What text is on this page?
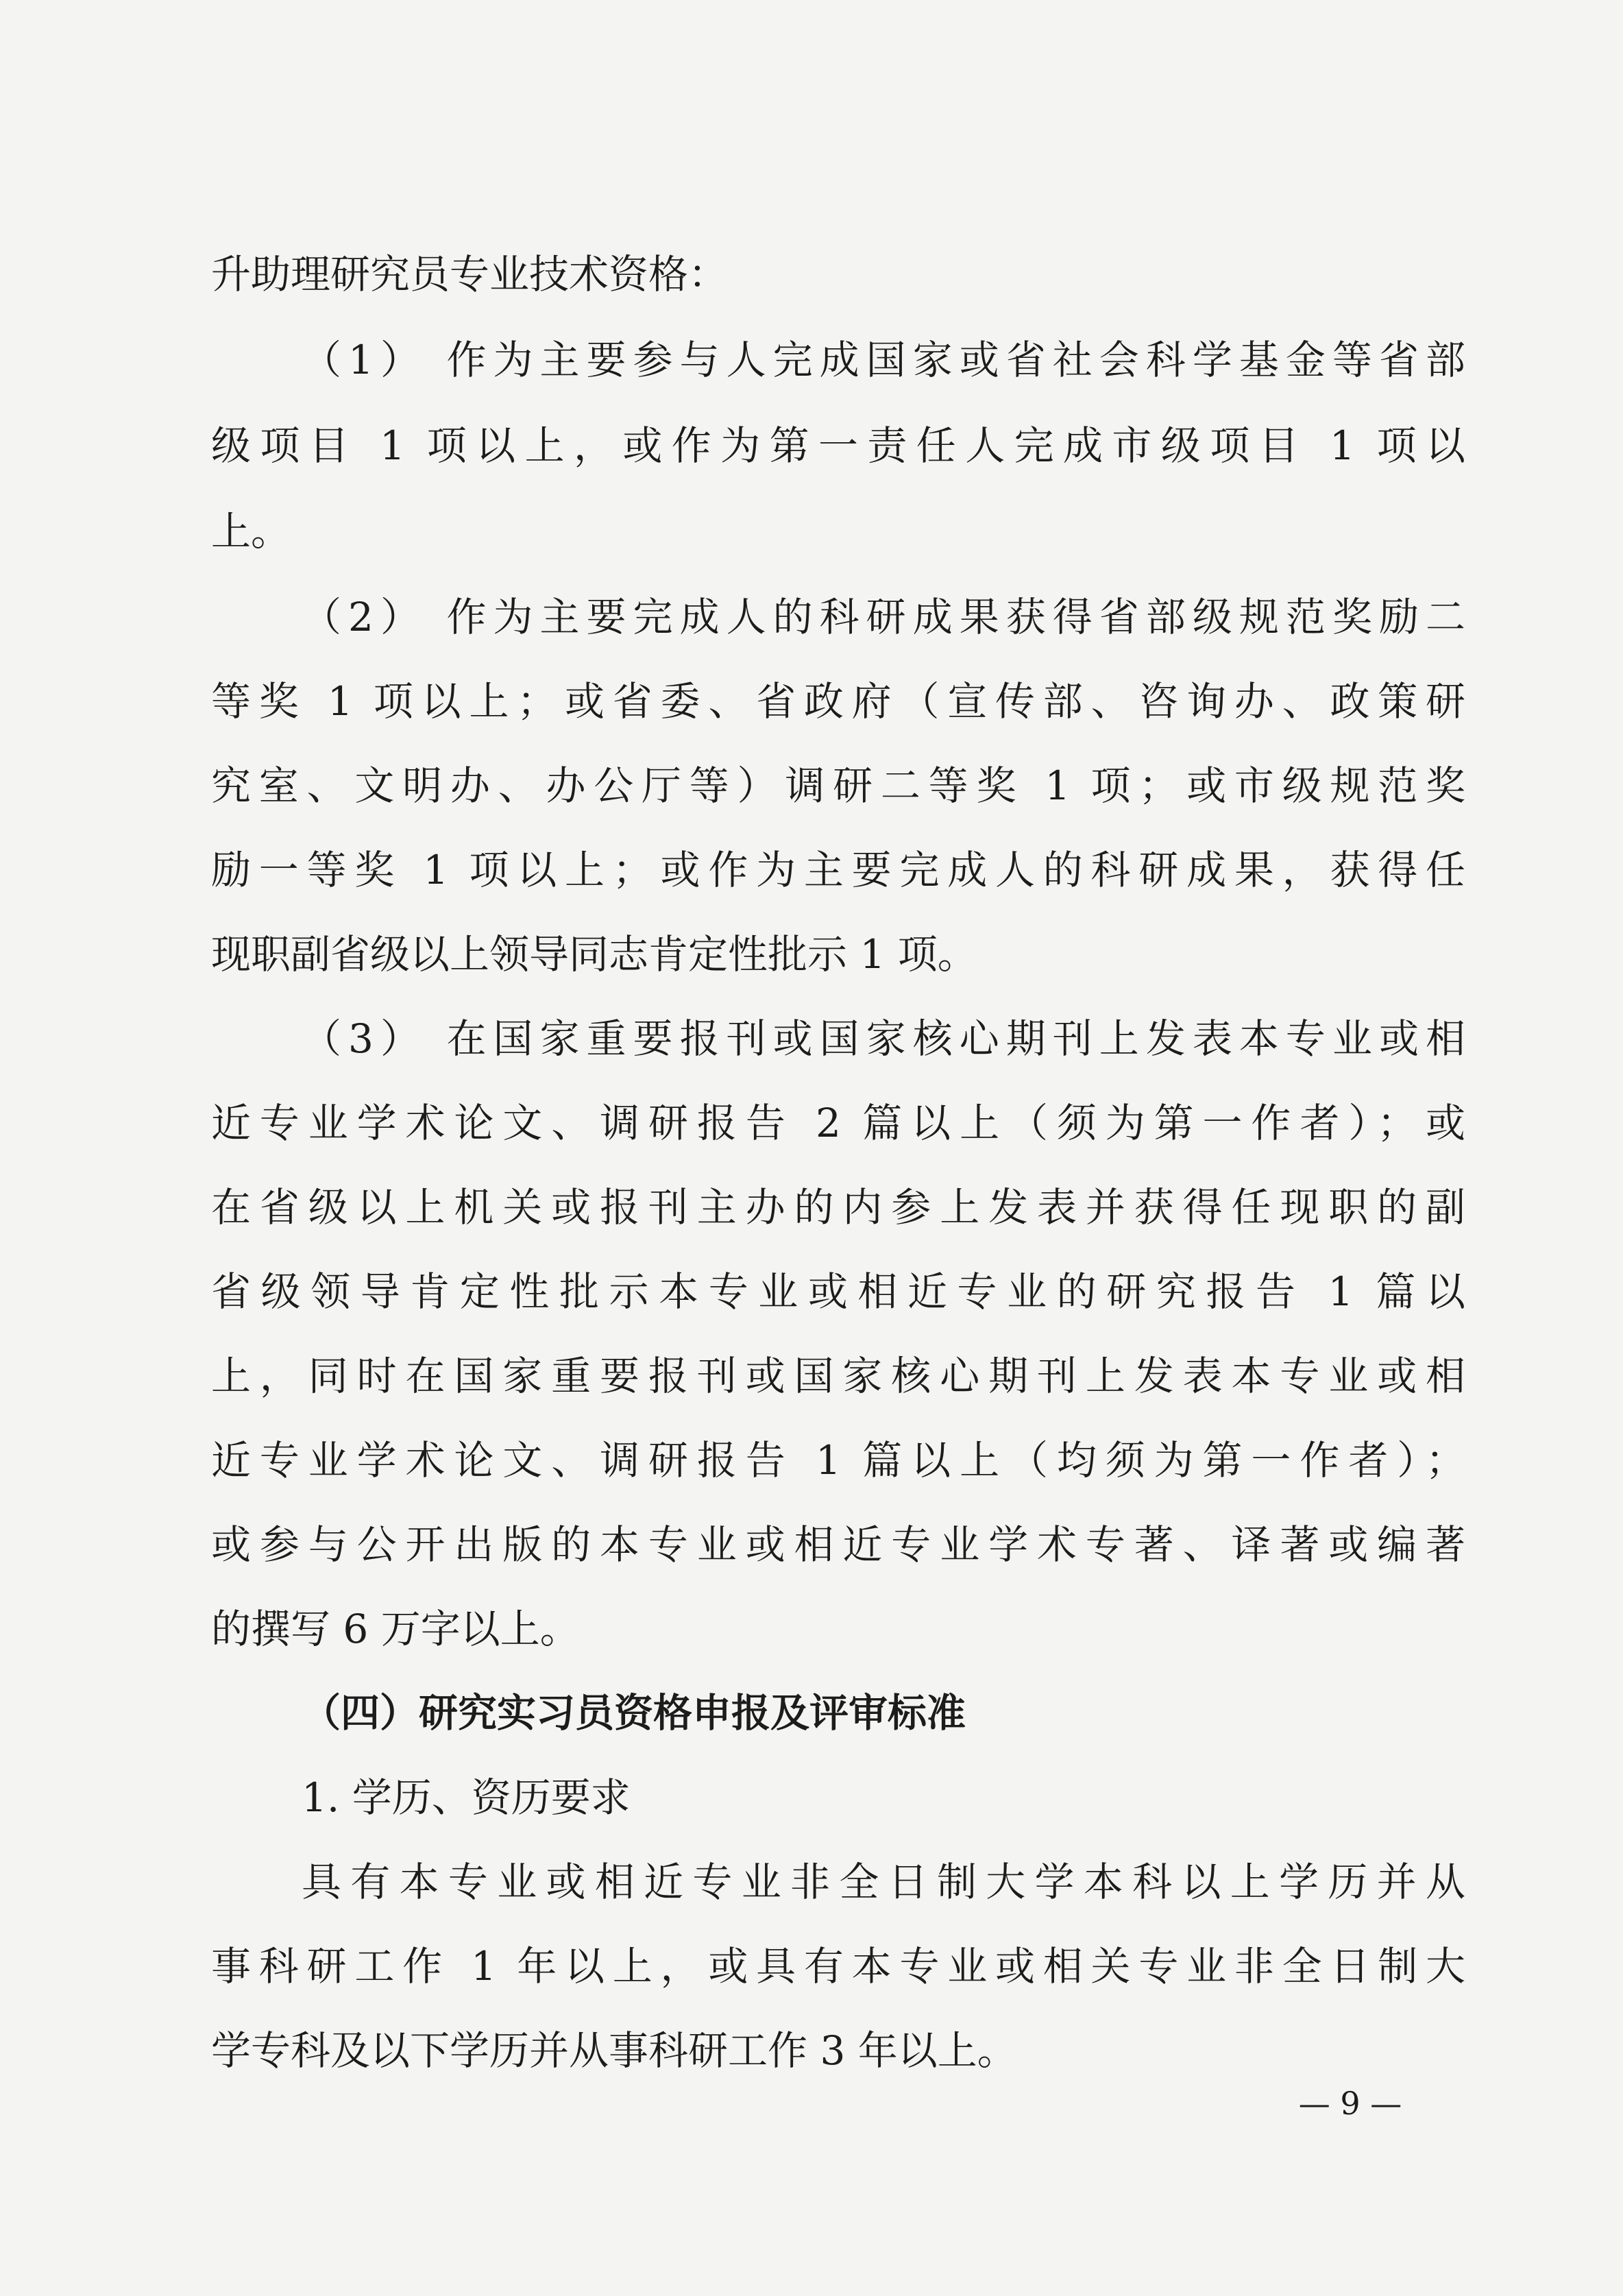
升助理研究员专业技术资格：
（1） 作为主要参与人完成国家或省社会科学基金等省部
级项目 1 项以上，或作为第一责任人完成市级项目 1 项以
上。
（2） 作为主要完成人的科研成果获得省部级规范奖励二
等奖 1 项以上；或省委、省政府（宣传部、咨询办、政策研
究室、文明办、办公厅等）调研二等奖 1 项；或市级规范奖
励一等奖 1 项以上；或作为主要完成人的科研成果，获得任
现职副省级以上领导同志肯定性批示 1 项。
（3） 在国家重要报刊或国家核心期刊上发表本专业或相
近专业学术论文、调研报告 2 篇以上（须为第一作者）；或
在省级以上机关或报刊主办的内参上发表并获得任现职的副
省级领导肯定性批示本专业或相近专业的研究报告 1 篇以
上，同时在国家重要报刊或国家核心期刊上发表本专业或相
近专业学术论文、调研报告 1 篇以上（均须为第一作者）；
或参与公开出版的本专业或相近专业学术专著、译著或编著
的撰写 6 万字以上。
（四）研究实习员资格申报及评审标准
1. 学历、资历要求
具有本专业或相近专业非全日制大学本科以上学历并从
事科研工作 1 年以上，或具有本专业或相关专业非全日制大
学专科及以下学历并从事科研工作 3 年以上。
— 9 —
